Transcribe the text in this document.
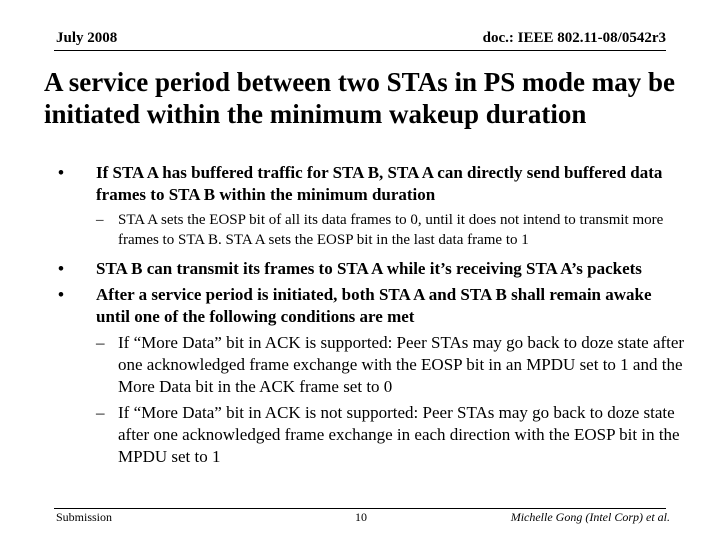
July 2008	doc.: IEEE 802.11-08/0542r3
A service period between two STAs in PS mode may be initiated within the minimum wakeup duration
• If STA A has buffered traffic for STA B, STA A can directly send buffered data frames to STA B within the minimum duration
– STA A sets the EOSP bit of all its data frames to 0, until it does not intend to transmit more frames to STA B. STA A sets the EOSP bit in the last data frame to 1
• STA B can transmit its frames to STA A while it’s receiving STA A’s packets
• After a service period is initiated, both STA A and STA B shall remain awake until one of the following conditions are met
– If “More Data” bit in ACK is supported: Peer STAs may go back to doze state after one acknowledged frame exchange with the EOSP bit in an MPDU set to 1 and the More Data bit in the ACK frame set to 0
– If “More Data” bit in ACK is not supported: Peer STAs may go back to doze state after one acknowledged frame exchange in each direction with the EOSP bit in the MPDU set to 1
Submission	10	Michelle Gong (Intel Corp) et al.
